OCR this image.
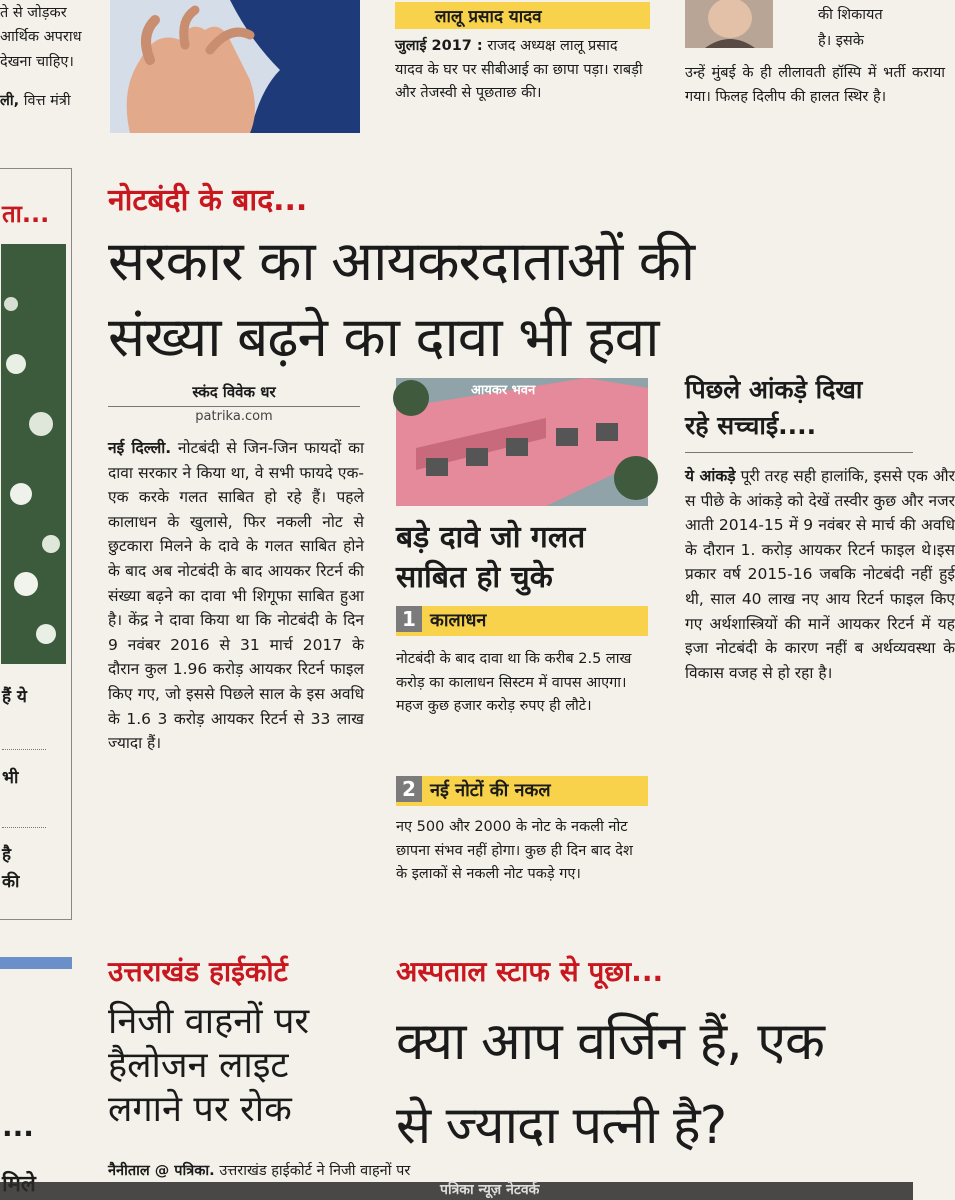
ते से जोड़कर
आर्थिक अपराध
देखना चाहिए।
ली, वित्त मंत्री
लालू प्रसाद यादव
जुलाई 2017 : राजद अध्यक्ष लालू प्रसाद यादव के घर पर सीबीआई का छापा पड़ा। राबड़ी और तेजस्वी से पूछताछ की।
की शिकायत
है। इसके
उन्हें मुंबई के ही लीलावती हॉस्पि में भर्ती कराया गया। फिलह दिलीप की हालत स्थिर है।
ता...
हैं ये
भी
है
की
...
नोटबंदी के बाद...
सरकार का आयकरदाताओं की
संख्या बढ़ने का दावा भी हवा
स्कंद विवेक धर
patrika.com
नई दिल्ली. नोटबंदी से जिन-जिन फायदों का दावा सरकार ने किया था, वे सभी फायदे एक-एक करके गलत साबित हो रहे हैं। पहले कालाधन के खुलासे, फिर नकली नोट से छुटकारा मिलने के दावे के गलत साबित होने के बाद अब नोटबंदी के बाद आयकर रिटर्न की संख्या बढ़ने का दावा भी शिगूफा साबित हुआ है। केंद्र ने दावा किया था कि नोटबंदी के दिन 9 नवंबर 2016 से 31 मार्च 2017 के दौरान कुल 1.96 करोड़ आयकर रिटर्न फाइल किए गए, जो इससे पिछले साल के इस अवधि के 1.6 3 करोड़ आयकर रिटर्न से 33 लाख ज्यादा हैं।
आयकर भवन
बड़े दावे जो गलत साबित हो चुके
1 कालाधन
नोटबंदी के बाद दावा था कि करीब 2.5 लाख करोड़ का कालाधन सिस्टम में वापस आएगा। महज कुछ हजार करोड़ रुपए ही लौटे।
2 नई नोटों की नकल
नए 500 और 2000 के नोट के नकली नोट छापना संभव नहीं होगा। कुछ ही दिन बाद देश के इलाकों से नकली नोट पकड़े गए।
पिछले आंकड़े दिखा
रहे सच्चाई....
ये आंकड़े पूरी तरह सही हालांकि, इससे एक और स पीछे के आंकड़े को देखें तस्वीर कुछ और नजर आती 2014-15 में 9 नवंबर से मार्च की अवधि के दौरान 1. करोड़ आयकर रिटर्न फाइल थे।इस प्रकार वर्ष 2015-16 जबकि नोटबंदी नहीं हुई थी, साल 40 लाख नए आय रिटर्न फाइल किए गए अर्थशास्त्रियों की मानें आयकर रिटर्न में यह इजा नोटबंदी के कारण नहीं ब अर्थव्यवस्था के विकास वजह से हो रहा है।
उत्तराखंड हाईकोर्ट
निजी वाहनों पर हैलोजन लाइट लगाने पर रोक
नैनीताल @ पत्रिका. उत्तराखंड हाईकोर्ट ने निजी वाहनों पर
अस्पताल स्टाफ से पूछा...
क्या आप वर्जिन हैं, एक
से ज्यादा पत्नी है?
पत्रिका न्यूज़ नेटवर्क
